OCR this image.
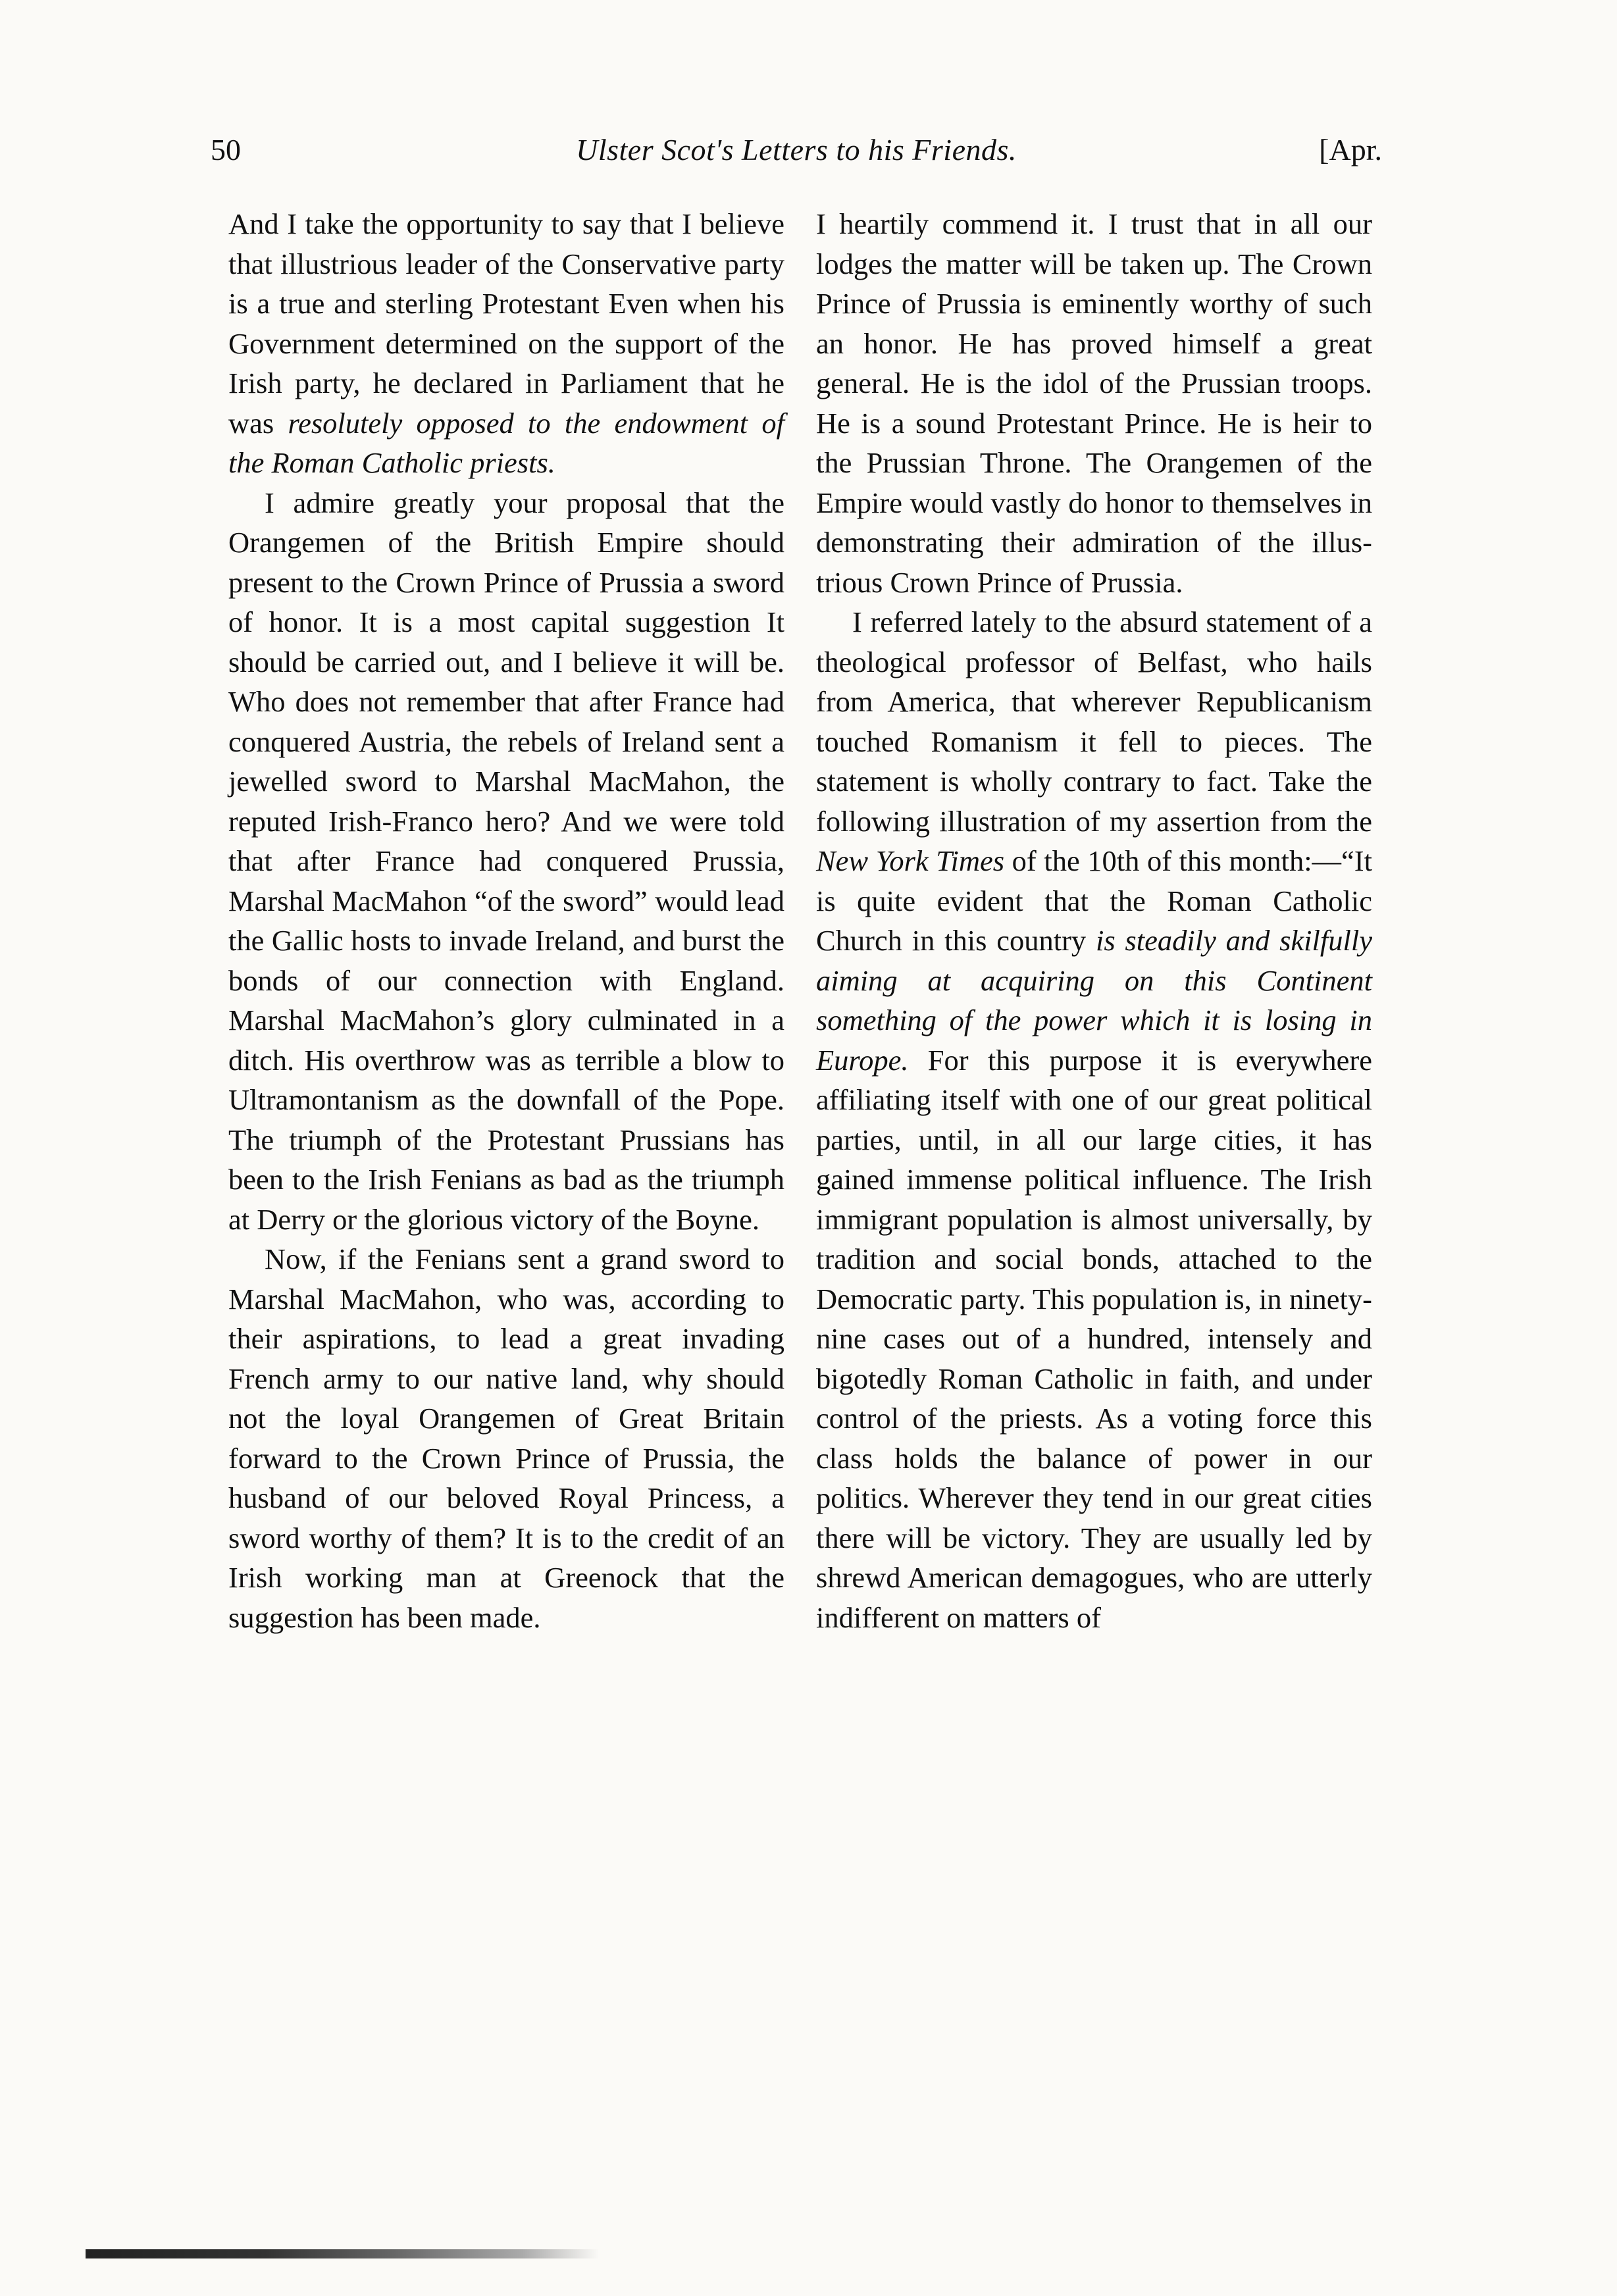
50	Ulster Scot's Letters to his Friends.	[Apr.

And I take the opportunity to say that I believe that illustrious leader of the Conservative party is a true and sterling Protestant Even when his Government determined on the support of the Irish party, he declared in Parliament that he was resolutely opposed to the endowment of the Roman Catholic priests.

I admire greatly your proposal that the Orangemen of the British Empire should present to the Crown Prince of Prussia a sword of honor. It is a most capital suggestion It should be carried out, and I believe it will be. Who does not remember that after France had conquered Austria, the rebels of Ireland sent a jewelled sword to Marshal MacMahon, the reputed Irish-Franco hero? And we were told that after France had conquered Prussia, Marshal MacMahon “of the sword” would lead the Gallic hosts to invade Ireland, and burst the bonds of our connection with England. Marshal MacMahon’s glory culminated in a ditch. His overthrow was as terrible a blow to Ultramontanism as the downfall of the Pope. The triumph of the Protestant Prussians has been to the Irish Fenians as bad as the triumph at Derry or the glorious victory of the Boyne.

Now, if the Fenians sent a grand sword to Marshal MacMahon, who was, according to their aspirations, to lead a great invading French army to our native land, why should not the loyal Orangemen of Great Britain forward to the Crown Prince of Prussia, the husband of our beloved Royal Princess, a sword worthy of them? It is to the credit of an Irish working man at Greenock that the suggestion has been made.

I heartily commend it. I trust that in all our lodges the matter will be taken up. The Crown Prince of Prussia is eminently worthy of such an honor. He has proved himself a great general. He is the idol of the Prussian troops. He is a sound Protestant Prince. He is heir to the Prussian Throne. The Orangemen of the Empire would vastly do honor to themselves in demonstrating their admiration of the illustrious Crown Prince of Prussia.

I referred lately to the absurd statement of a theological professor of Belfast, who hails from America, that wherever Republicanism touched Romanism it fell to pieces. The statement is wholly contrary to fact. Take the following illustration of my assertion from the New York Times of the 10th of this month:—“It is quite evident that the Roman Catholic Church in this country is steadily and skilfully aiming at acquiring on this Continent something of the power which it is losing in Europe. For this purpose it is everywhere affiliating itself with one of our great political parties, until, in all our large cities, it has gained immense political influence. The Irish immigrant population is almost universally, by tradition and social bonds, attached to the Democratic party. This population is, in ninety-nine cases out of a hundred, intensely and bigotedly Roman Catholic in faith, and under control of the priests. As a voting force this class holds the balance of power in our politics. Wherever they tend in our great cities there will be victory. They are usually led by shrewd American demagogues, who are utterly indifferent on matters of
